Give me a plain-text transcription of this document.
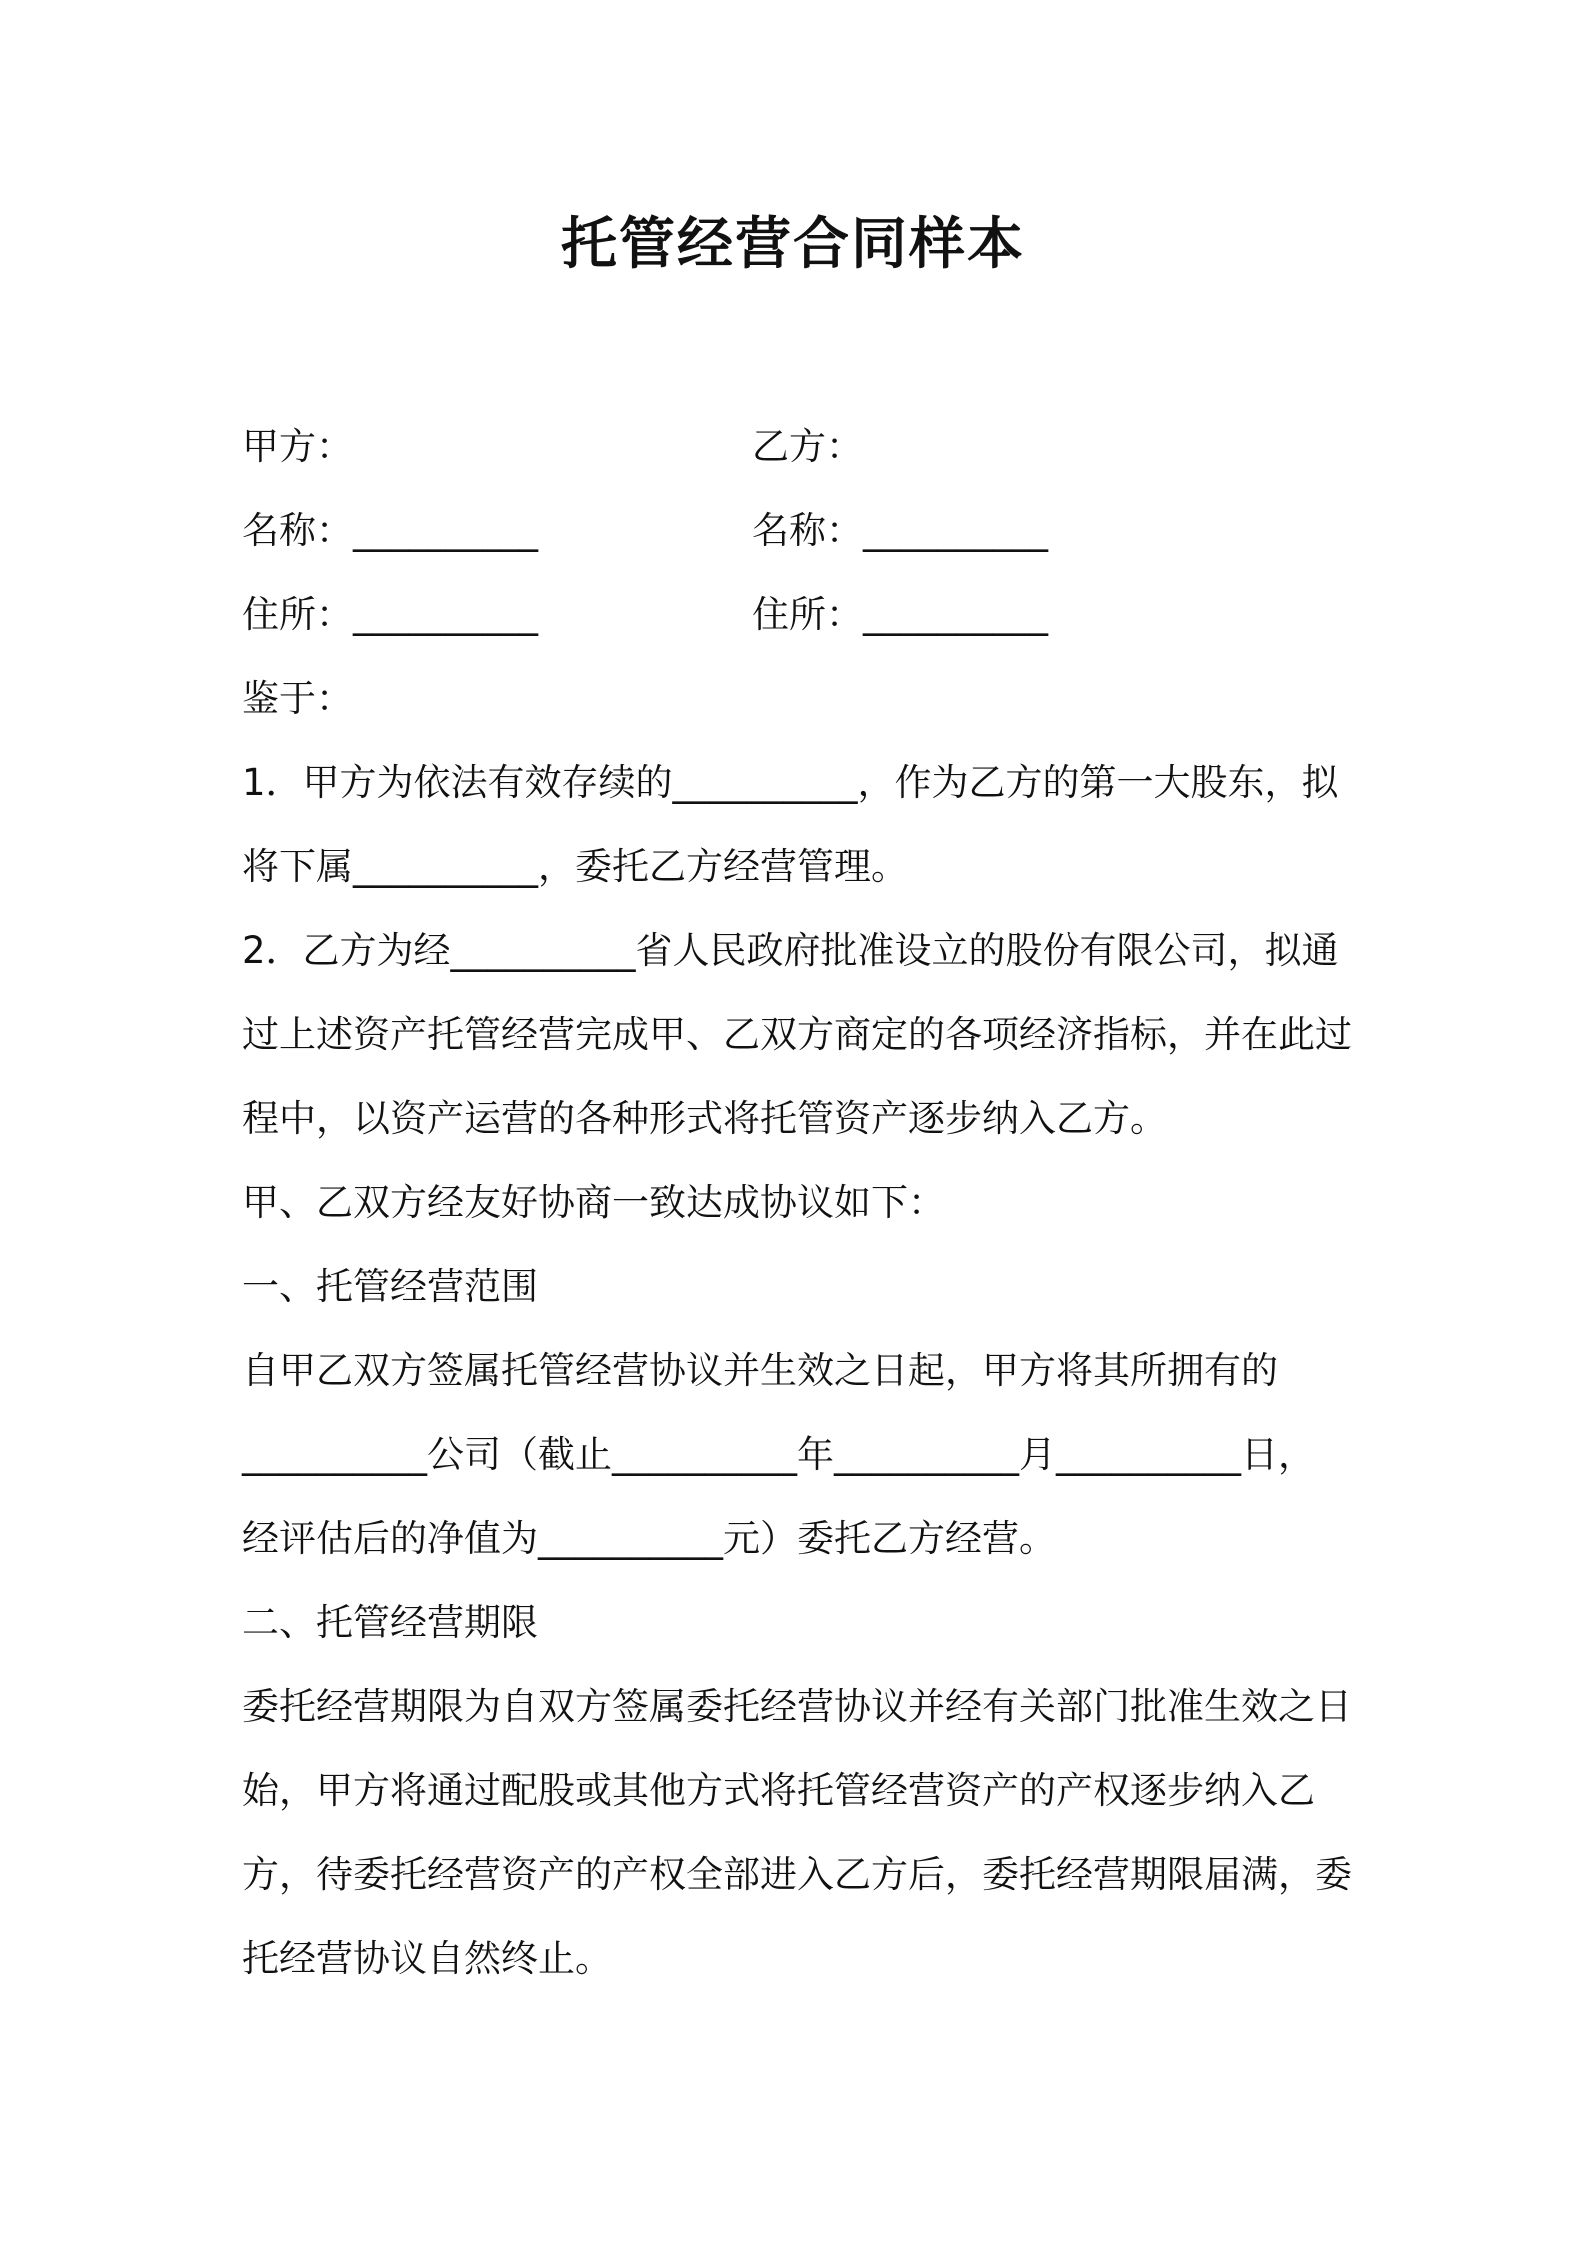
托管经营合同样本
甲方：	乙方：
名称：__________	名称：__________
住所：__________	住所：__________

鉴于：

1．甲方为依法有效存续的__________，作为乙方的第一大股东，拟将下属__________，委托乙方经营管理。

2．乙方为经__________省人民政府批准设立的股份有限公司，拟通过上述资产托管经营完成甲、乙双方商定的各项经济指标，并在此过程中，以资产运营的各种形式将托管资产逐步纳入乙方。

甲、乙双方经友好协商一致达成协议如下：

一、托管经营范围

自甲乙双方签属托管经营协议并生效之日起，甲方将其所拥有的

__________公司（截止__________年__________月__________日，

经评估后的净值为__________元）委托乙方经营。

二、托管经营期限

委托经营期限为自双方签属委托经营协议并经有关部门批准生效之日始，甲方将通过配股或其他方式将托管经营资产的产权逐步纳入乙方，待委托经营资产的产权全部进入乙方后，委托经营期限届满，委托经营协议自然终止。
